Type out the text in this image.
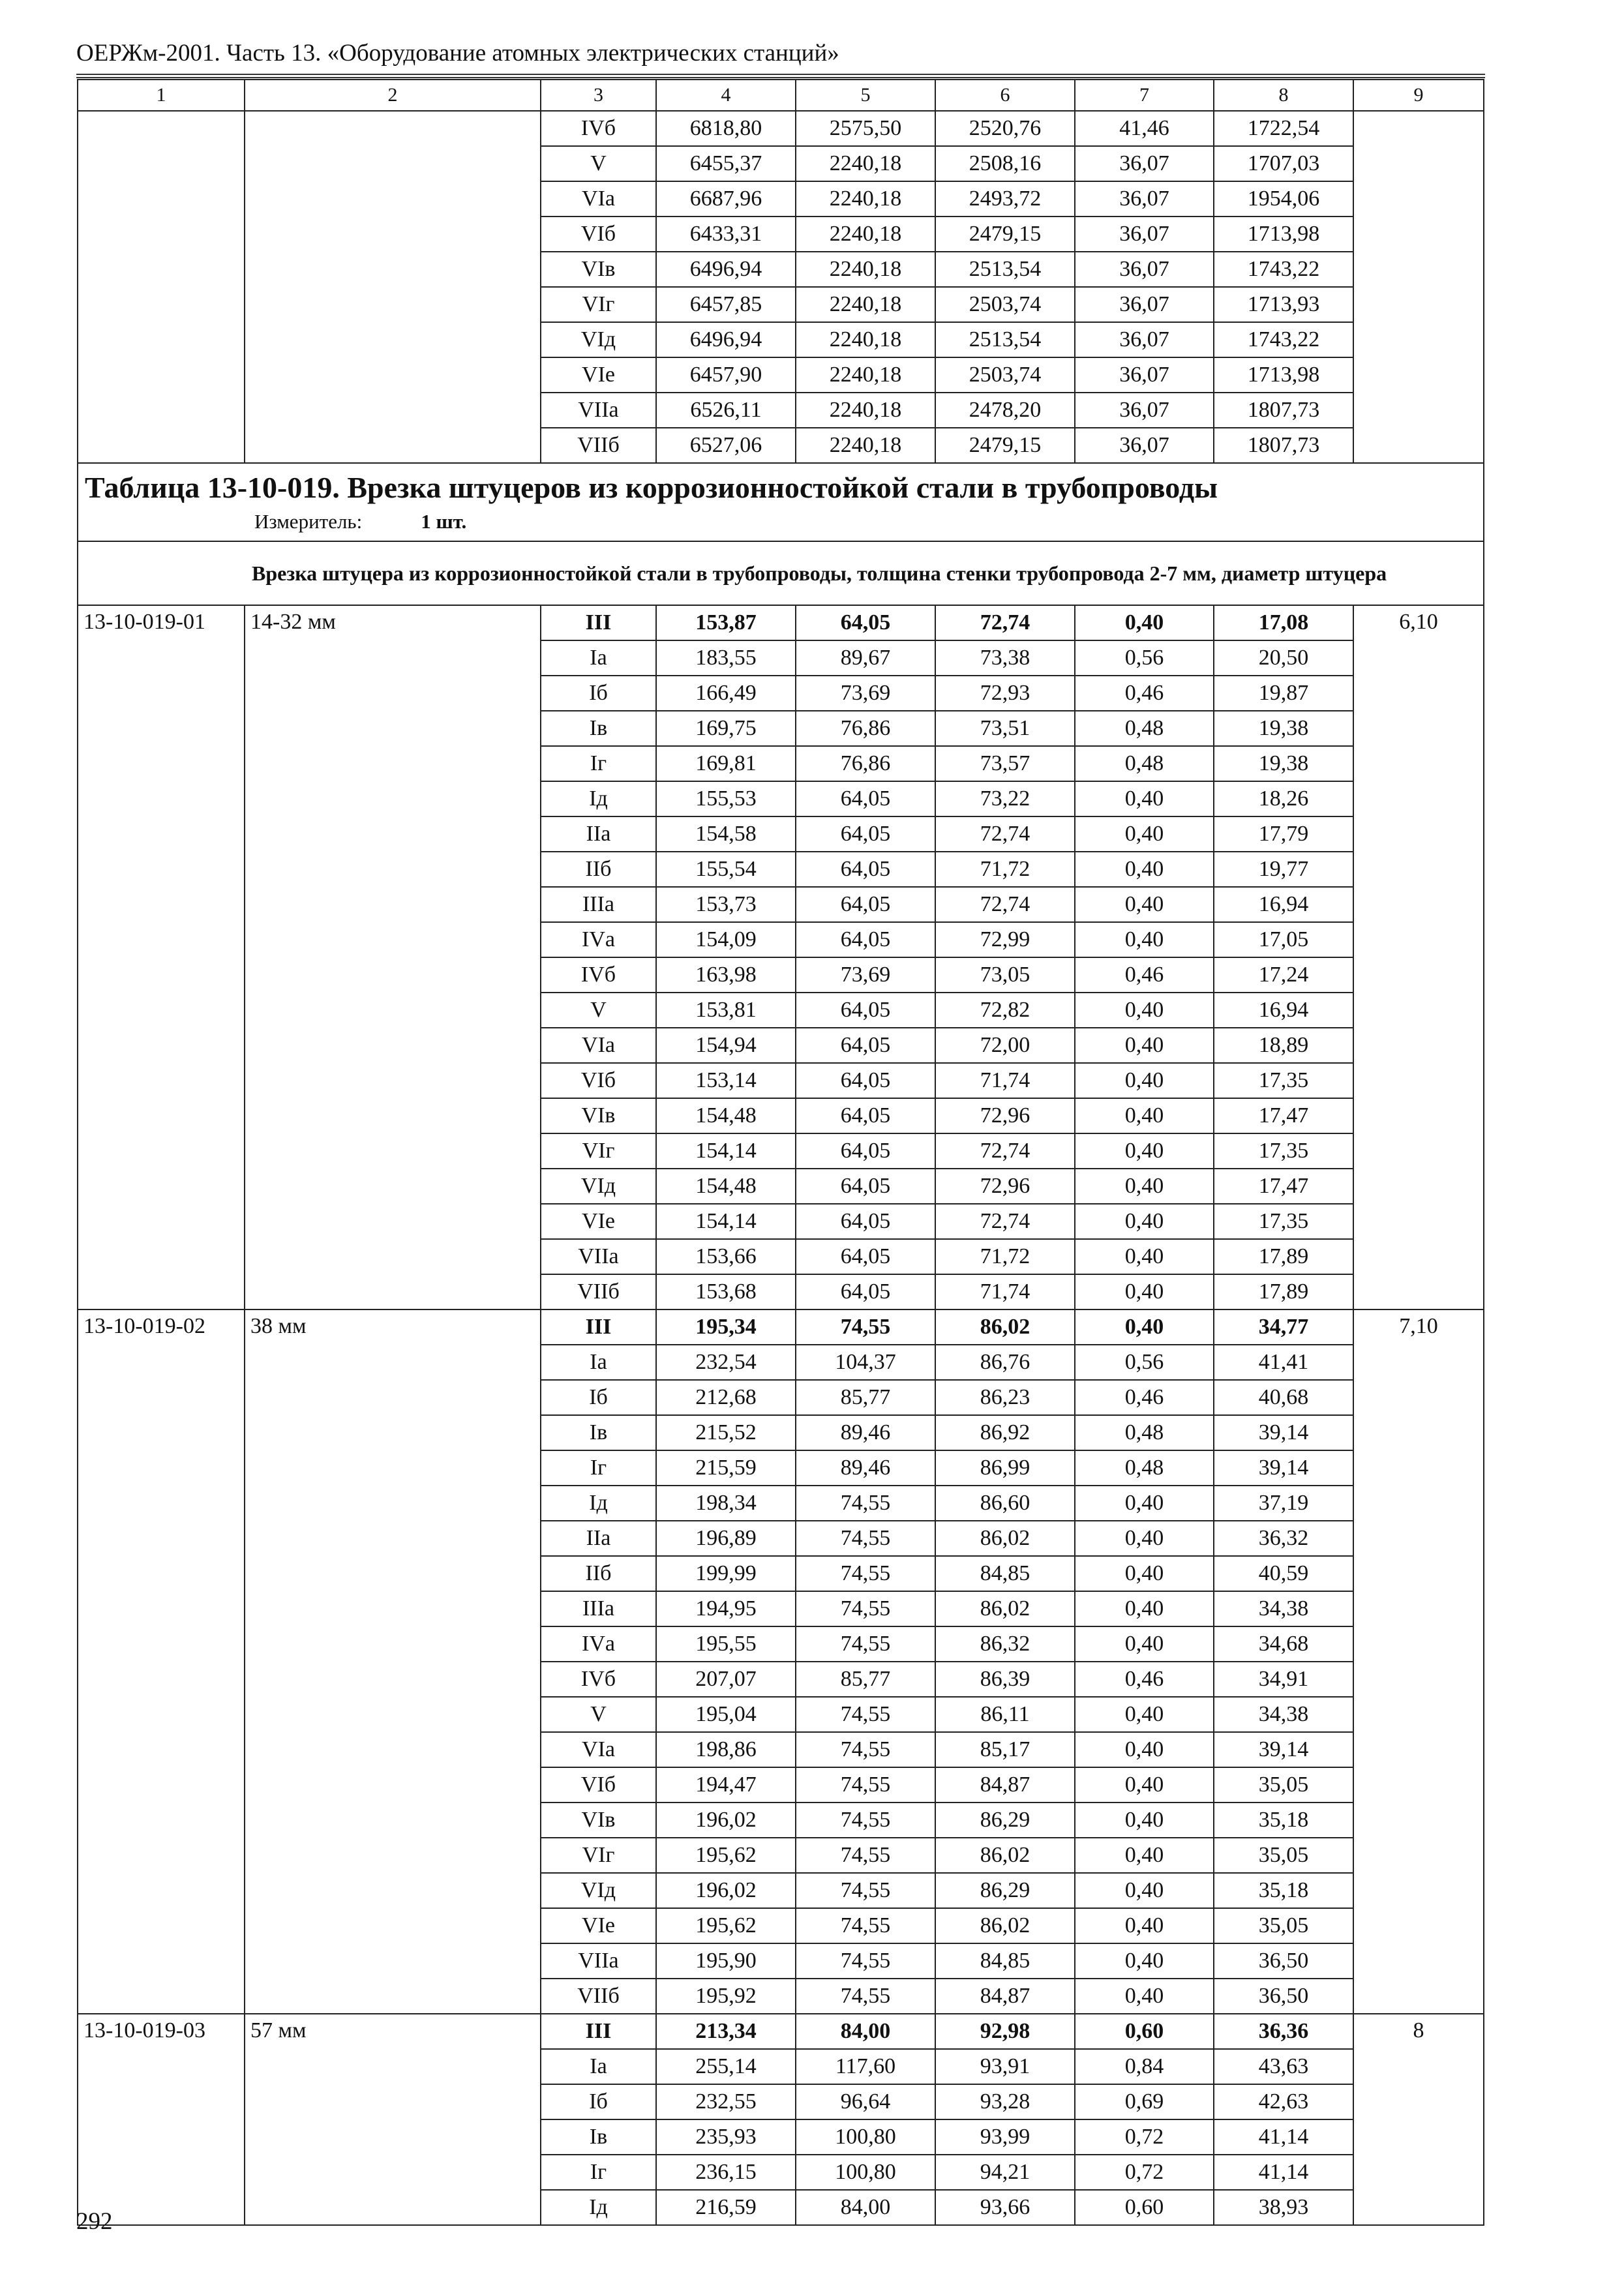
ОЕРЖм-2001. Часть 13. «Оборудование атомных электрических станций»
1	2	3	4	5	6	7	8	9
		IVб	6818,80	2575,50	2520,76	41,46	1722,54	
		V	6455,37	2240,18	2508,16	36,07	1707,03	
		VIа	6687,96	2240,18	2493,72	36,07	1954,06	
		VIб	6433,31	2240,18	2479,15	36,07	1713,98	
		VIв	6496,94	2240,18	2513,54	36,07	1743,22	
		VIг	6457,85	2240,18	2503,74	36,07	1713,93	
		VIд	6496,94	2240,18	2513,54	36,07	1743,22	
		VIе	6457,90	2240,18	2503,74	36,07	1713,98	
		VIIа	6526,11	2240,18	2478,20	36,07	1807,73	
		VIIб	6527,06	2240,18	2479,15	36,07	1807,73	

Таблица 13-10-019. Врезка штуцеров из коррозионностойкой стали в трубопроводы
Измеритель: 1 шт.								

Врезка штуцера из коррозионностойкой стали в трубопроводы, толщина стенки трубопровода 2-7 мм, диаметр штуцера								
13-10-019-01	14-32 мм	III	153,87	64,05	72,74	0,40	17,08	6,10
		Iа	183,55	89,67	73,38	0,56	20,50	
		Iб	166,49	73,69	72,93	0,46	19,87	
		Iв	169,75	76,86	73,51	0,48	19,38	
		Iг	169,81	76,86	73,57	0,48	19,38	
		Iд	155,53	64,05	73,22	0,40	18,26	
		IIа	154,58	64,05	72,74	0,40	17,79	
		IIб	155,54	64,05	71,72	0,40	19,77	
		IIIа	153,73	64,05	72,74	0,40	16,94	
		IVа	154,09	64,05	72,99	0,40	17,05	
		IVб	163,98	73,69	73,05	0,46	17,24	
		V	153,81	64,05	72,82	0,40	16,94	
		VIа	154,94	64,05	72,00	0,40	18,89	
		VIб	153,14	64,05	71,74	0,40	17,35	
		VIв	154,48	64,05	72,96	0,40	17,47	
		VIг	154,14	64,05	72,74	0,40	17,35	
		VIд	154,48	64,05	72,96	0,40	17,47	
		VIе	154,14	64,05	72,74	0,40	17,35	
		VIIа	153,66	64,05	71,72	0,40	17,89	
		VIIб	153,68	64,05	71,74	0,40	17,89	
13-10-019-02	38 мм	III	195,34	74,55	86,02	0,40	34,77	7,10
		Iа	232,54	104,37	86,76	0,56	41,41	
		Iб	212,68	85,77	86,23	0,46	40,68	
		Iв	215,52	89,46	86,92	0,48	39,14	
		Iг	215,59	89,46	86,99	0,48	39,14	
		Iд	198,34	74,55	86,60	0,40	37,19	
		IIа	196,89	74,55	86,02	0,40	36,32	
		IIб	199,99	74,55	84,85	0,40	40,59	
		IIIа	194,95	74,55	86,02	0,40	34,38	
		IVа	195,55	74,55	86,32	0,40	34,68	
		IVб	207,07	85,77	86,39	0,46	34,91	
		V	195,04	74,55	86,11	0,40	34,38	
		VIа	198,86	74,55	85,17	0,40	39,14	
		VIб	194,47	74,55	84,87	0,40	35,05	
		VIв	196,02	74,55	86,29	0,40	35,18	
		VIг	195,62	74,55	86,02	0,40	35,05	
		VIд	196,02	74,55	86,29	0,40	35,18	
		VIе	195,62	74,55	86,02	0,40	35,05	
		VIIа	195,90	74,55	84,85	0,40	36,50	
		VIIб	195,92	74,55	84,87	0,40	36,50	
13-10-019-03	57 мм	III	213,34	84,00	92,98	0,60	36,36	8
		Iа	255,14	117,60	93,91	0,84	43,63	
		Iб	232,55	96,64	93,28	0,69	42,63	
		Iв	235,93	100,80	93,99	0,72	41,14	
		Iг	236,15	100,80	94,21	0,72	41,14	
		Iд	216,59	84,00	93,66	0,60	38,93	
292
